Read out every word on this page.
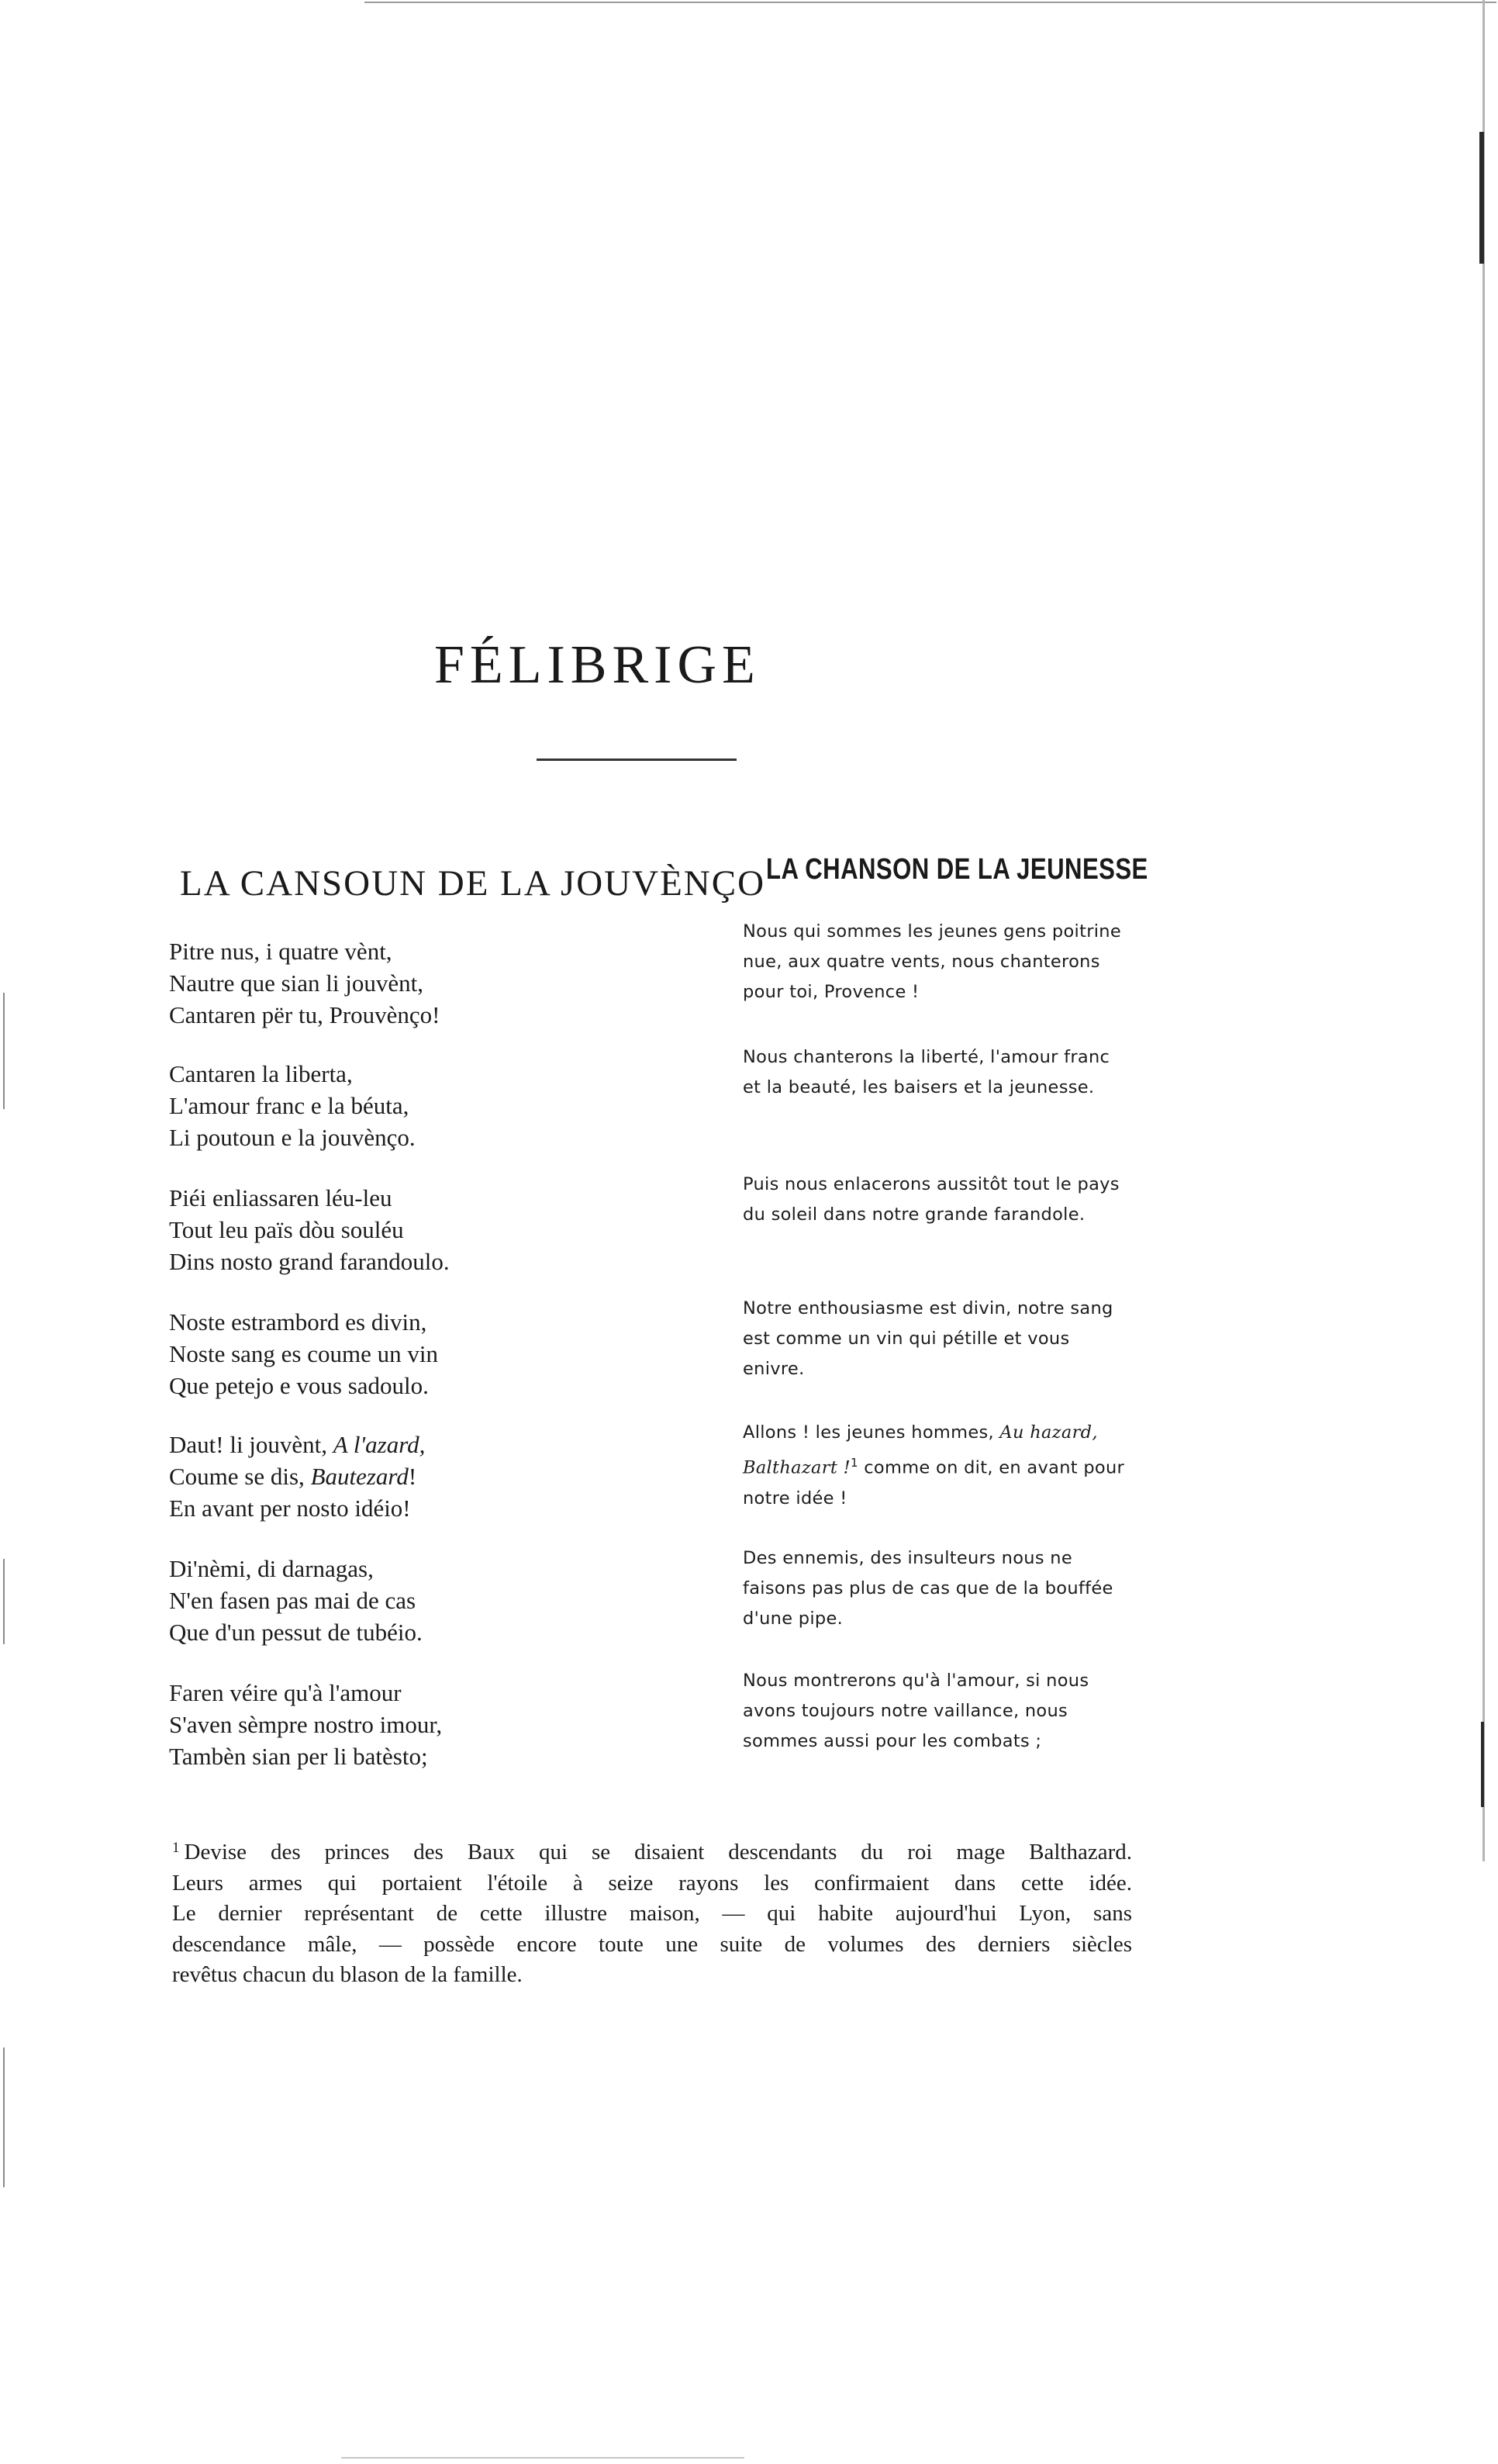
FÉLIBRIGE
LA CANSOUN DE LA JOUVÈNÇO
Pitre nus, i quatre vènt,
Nautre que sian li jouvènt,
Cantaren për tu, Prouvènço!
Cantaren la liberta,
L'amour franc e la béuta,
Li poutoun e la jouvènço.
Piéi enliassaren léu-leu
Tout leu païs dòu souléu
Dins nosto grand farandoulo.
Noste estrambord es divin,
Noste sang es coume un vin
Que petejo e vous sadoulo.
Daut! li jouvènt, A l'azard,
Coume se dis, Bautezard!
En avant per nosto idéio!
Di'nèmi, di darnagas,
N'en fasen pas mai de cas
Que d'un pessut de tubéio.
Faren véire qu'à l'amour
S'aven sèmpre nostro imour,
Tambèn sian per li batèsto;
LA CHANSON DE LA JEUNESSE

Nous qui sommes les jeunes gens poitrine nue, aux quatre vents, nous chanterons pour toi, Provence !

Nous chanterons la liberté, l'amour franc et la beauté, les baisers et la jeunesse.

Puis nous enlacerons aussitôt tout le pays du soleil dans notre grande farandole.

Notre enthousiasme est divin, notre sang est comme un vin qui pétille et vous enivre.

Allons ! les jeunes hommes, Au hazard, Balthazart !$^1$ comme on dit, en avant pour notre idée !

Des ennemis, des insulteurs nous ne faisons pas plus de cas que de la bouffée d'une pipe.

Nous montrerons qu'à l'amour, si nous avons toujours notre vaillance, nous sommes aussi pour les combats ;

$^1$ Devise des princes des Baux qui se disaient descendants du roi mage Balthazard.
Leurs armes qui portaient l'étoile à seize rayons les confirmaient dans cette idée.
Le dernier représentant de cette illustre maison, — qui habite aujourd'hui Lyon, sans
descendance mâle, — possède encore toute une suite de volumes des derniers siècles
revêtus chacun du blason de la famille.
